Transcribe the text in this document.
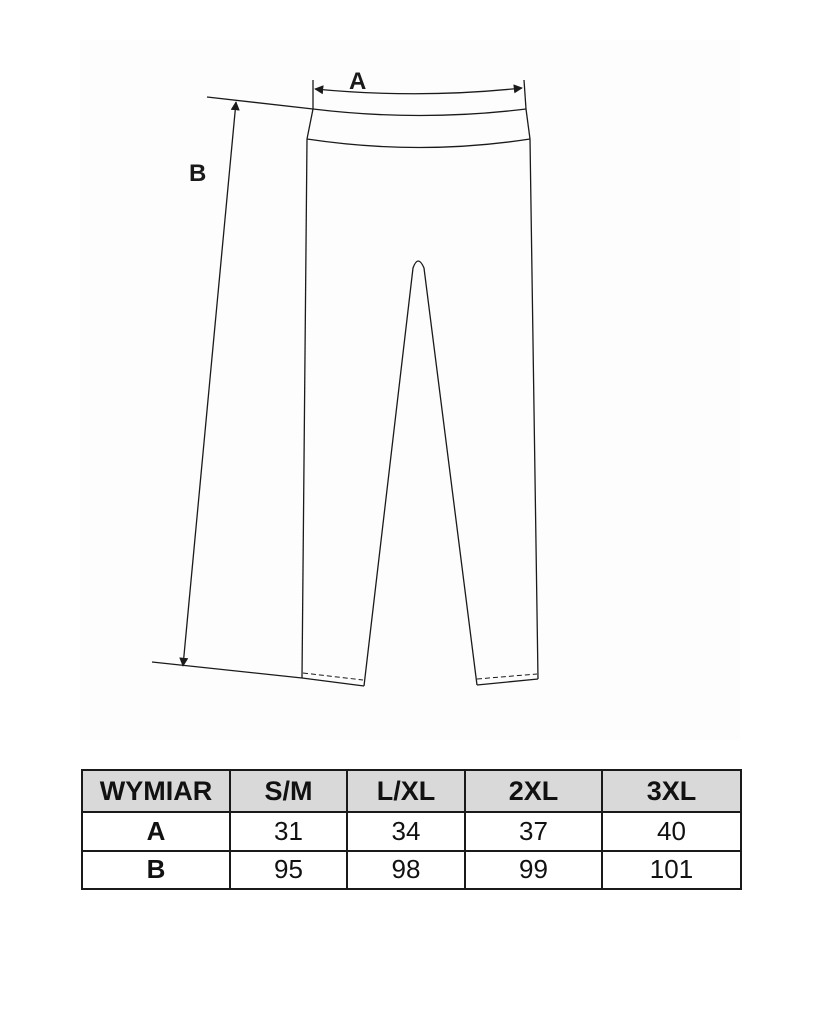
A
B
WYMIAR	S/M	L/XL	2XL	3XL
A	31	34	37	40
B	95	98	99	101
